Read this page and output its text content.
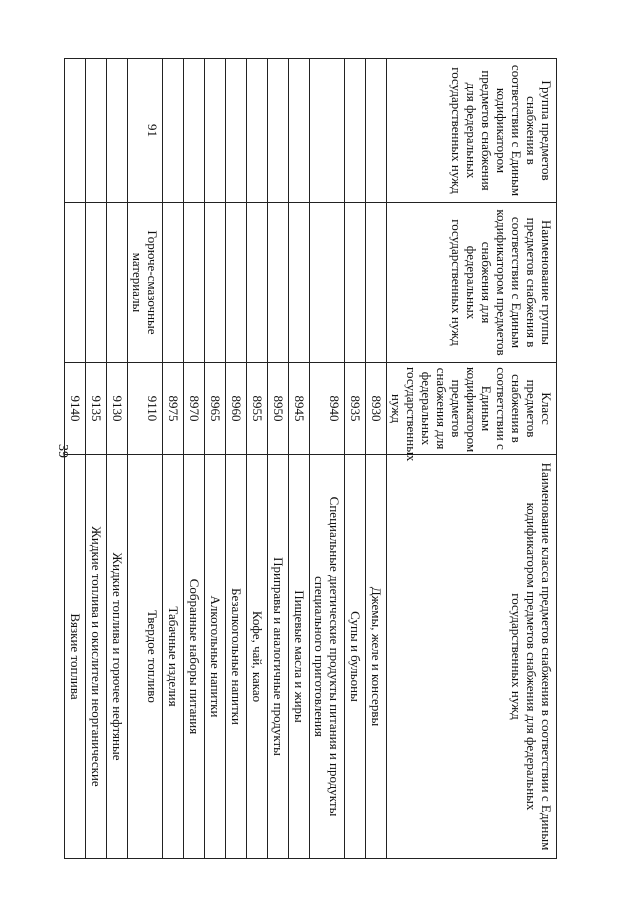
39
Группа предметов снабжения в соответствии с Единым кодификатором предметов снабжения для федеральных государственных нужд	Наименование группы предметов снабжения в соответствии с Единым кодификатором предметов снабжения для федеральных государственных нужд	Класс предметов снабжения в соответствии с Единым кодификатором предметов снабжения для федеральных государственных нужд	Наименование класса предметов снабжения в соответствии с Единым кодификатором предметов снабжения для федеральных государственных нужд
		8930	Джемы, желе и консервы
		8935	Супы и бульоны
		8940	Специальные диетические продукты питания и продукты специального приготовления
		8945	Пищевые масла и жиры
		8950	Приправы и аналогичные продукты
		8955	Кофе, чай, какао
		8960	Безалкогольные напитки
		8965	Алкогольные напитки
		8970	Собранные наборы питания
		8975	Табачные изделия
91	Горюче-смазочные материалы	9110	Твердое топливо
		9130	Жидкие топлива и горючее нефтяные
		9135	Жидкие топлива и окислители неорганические
		9140	Вязкие топлива
